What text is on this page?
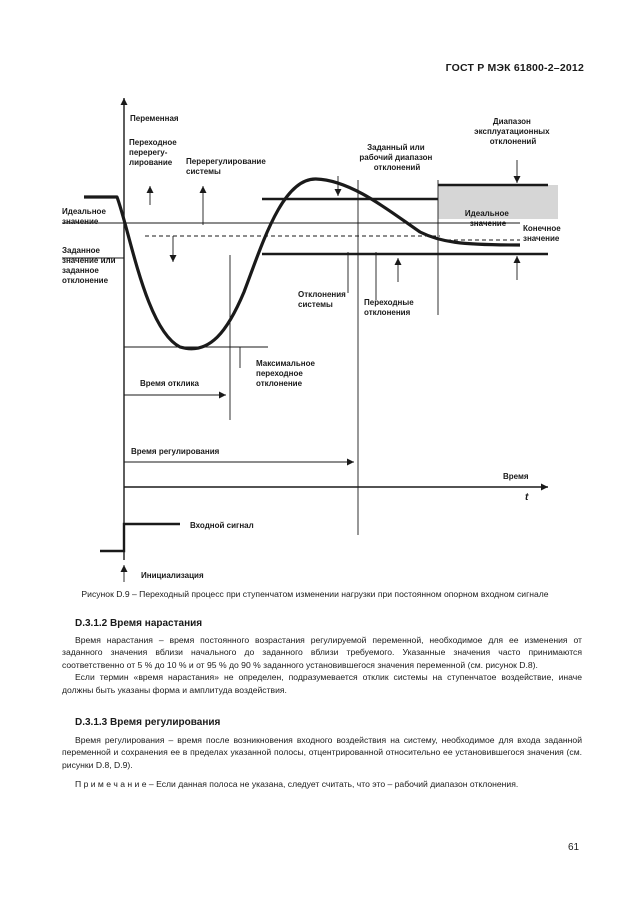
ГОСТ Р МЭК 61800-2–2012
Переменная
Переходное перерегу- лирование	Перерегулирование системы
Заданный или рабочий диапазон отклонений
Диапазон эксплуатационных отклонений
Идеальное значение
Идеальное значение
Конечное значение
Заданное значение или заданное отклонение
Отклонения системы	Переходные отклонения
Максимальное переходное отклонение
Время отклика
Время регулирования
Время
t
Входной сигнал
Инициализация
Рисунок D.9 – Переходный процесс при ступенчатом изменении нагрузки при постоянном опорном входном сигнале
D.3.1.2 Время нарастания

Время нарастания – время постоянного возрастания регулируемой переменной, необходимое для ее изменения от заданного значения вблизи начального до заданного вблизи требуемого. Указанные значения часто принимаются соответственно от 5 % до 10 % и от 95 % до 90 % заданного установившегося значения переменной (см. рисунок D.8).

Если термин «время нарастания» не определен, подразумевается отклик системы на ступенчатое воздействие, иначе должны быть указаны форма и амплитуда воздействия.

D.3.1.3 Время регулирования

Время регулирования – время после возникновения входного воздействия на систему, необходимое для входа заданной переменной и сохранения ее в пределах указанной полосы, отцентрированной относительно ее установившегося значения (см. рисунки D.8, D.9).

П р и м е ч а н и е – Если данная полоса не указана, следует считать, что это – рабочий диапазон отклонения.

61
